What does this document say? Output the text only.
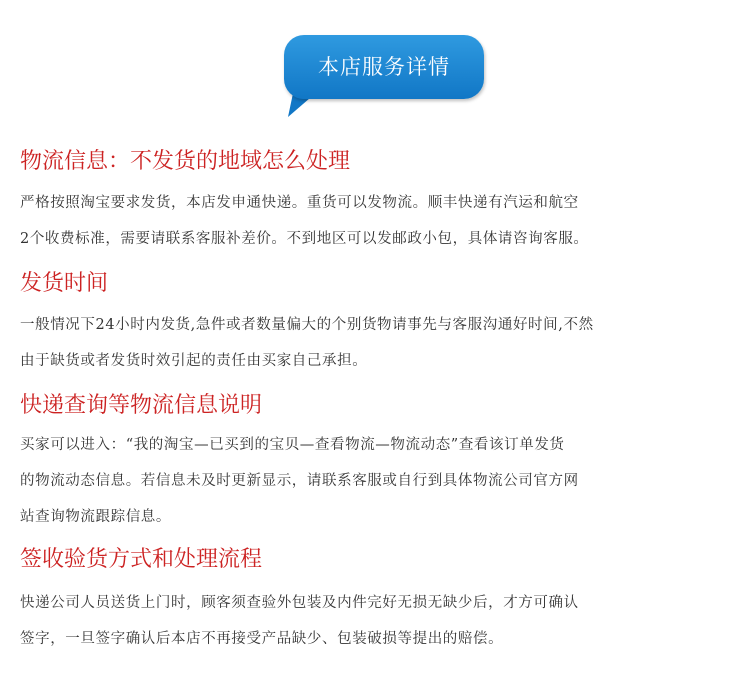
本店服务详情
物流信息：不发货的地域怎么处理

严格按照淘宝要求发货，本店发申通快递。重货可以发物流。顺丰快递有汽运和航空
2个收费标准，需要请联系客服补差价。不到地区可以发邮政小包，具体请咨询客服。

发货时间

一般情况下24小时内发货,急件或者数量偏大的个别货物请事先与客服沟通好时间,不然
由于缺货或者发货时效引起的责任由买家自己承担。

快递查询等物流信息说明

买家可以进入：“我的淘宝—已买到的宝贝—查看物流—物流动态”查看该订单发货
的物流动态信息。若信息未及时更新显示，请联系客服或自行到具体物流公司官方网
站查询物流跟踪信息。

签收验货方式和处理流程

快递公司人员送货上门时，顾客须查验外包装及内件完好无损无缺少后，才方可确认
签字，一旦签字确认后本店不再接受产品缺少、包装破损等提出的赔偿。
